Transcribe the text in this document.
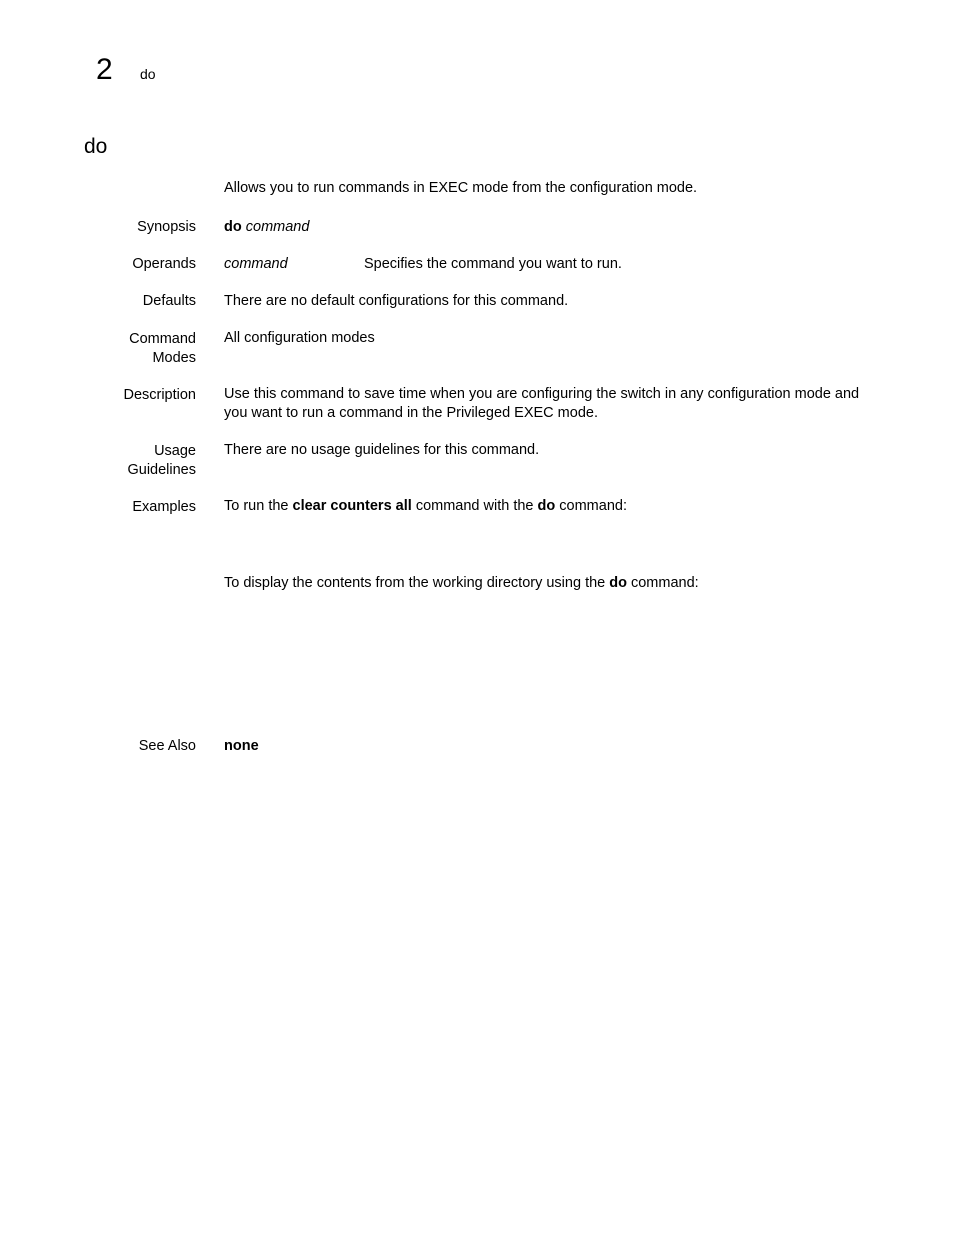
2 do
do
Allows you to run commands in EXEC mode from the configuration mode.
Synopsis do command
Operands command	Specifies the command you want to run.
Defaults There are no default configurations for this command.
Command
Modes
All configuration modes
Description Use this command to save time when you are configuring the switch in any configuration mode and
you want to run a command in the Privileged EXEC mode.
Usage
Guidelines
There are no usage guidelines for this command.
Examples To run the clear counters all command with the do command:
To display the contents from the working directory using the do command:
See Also none
